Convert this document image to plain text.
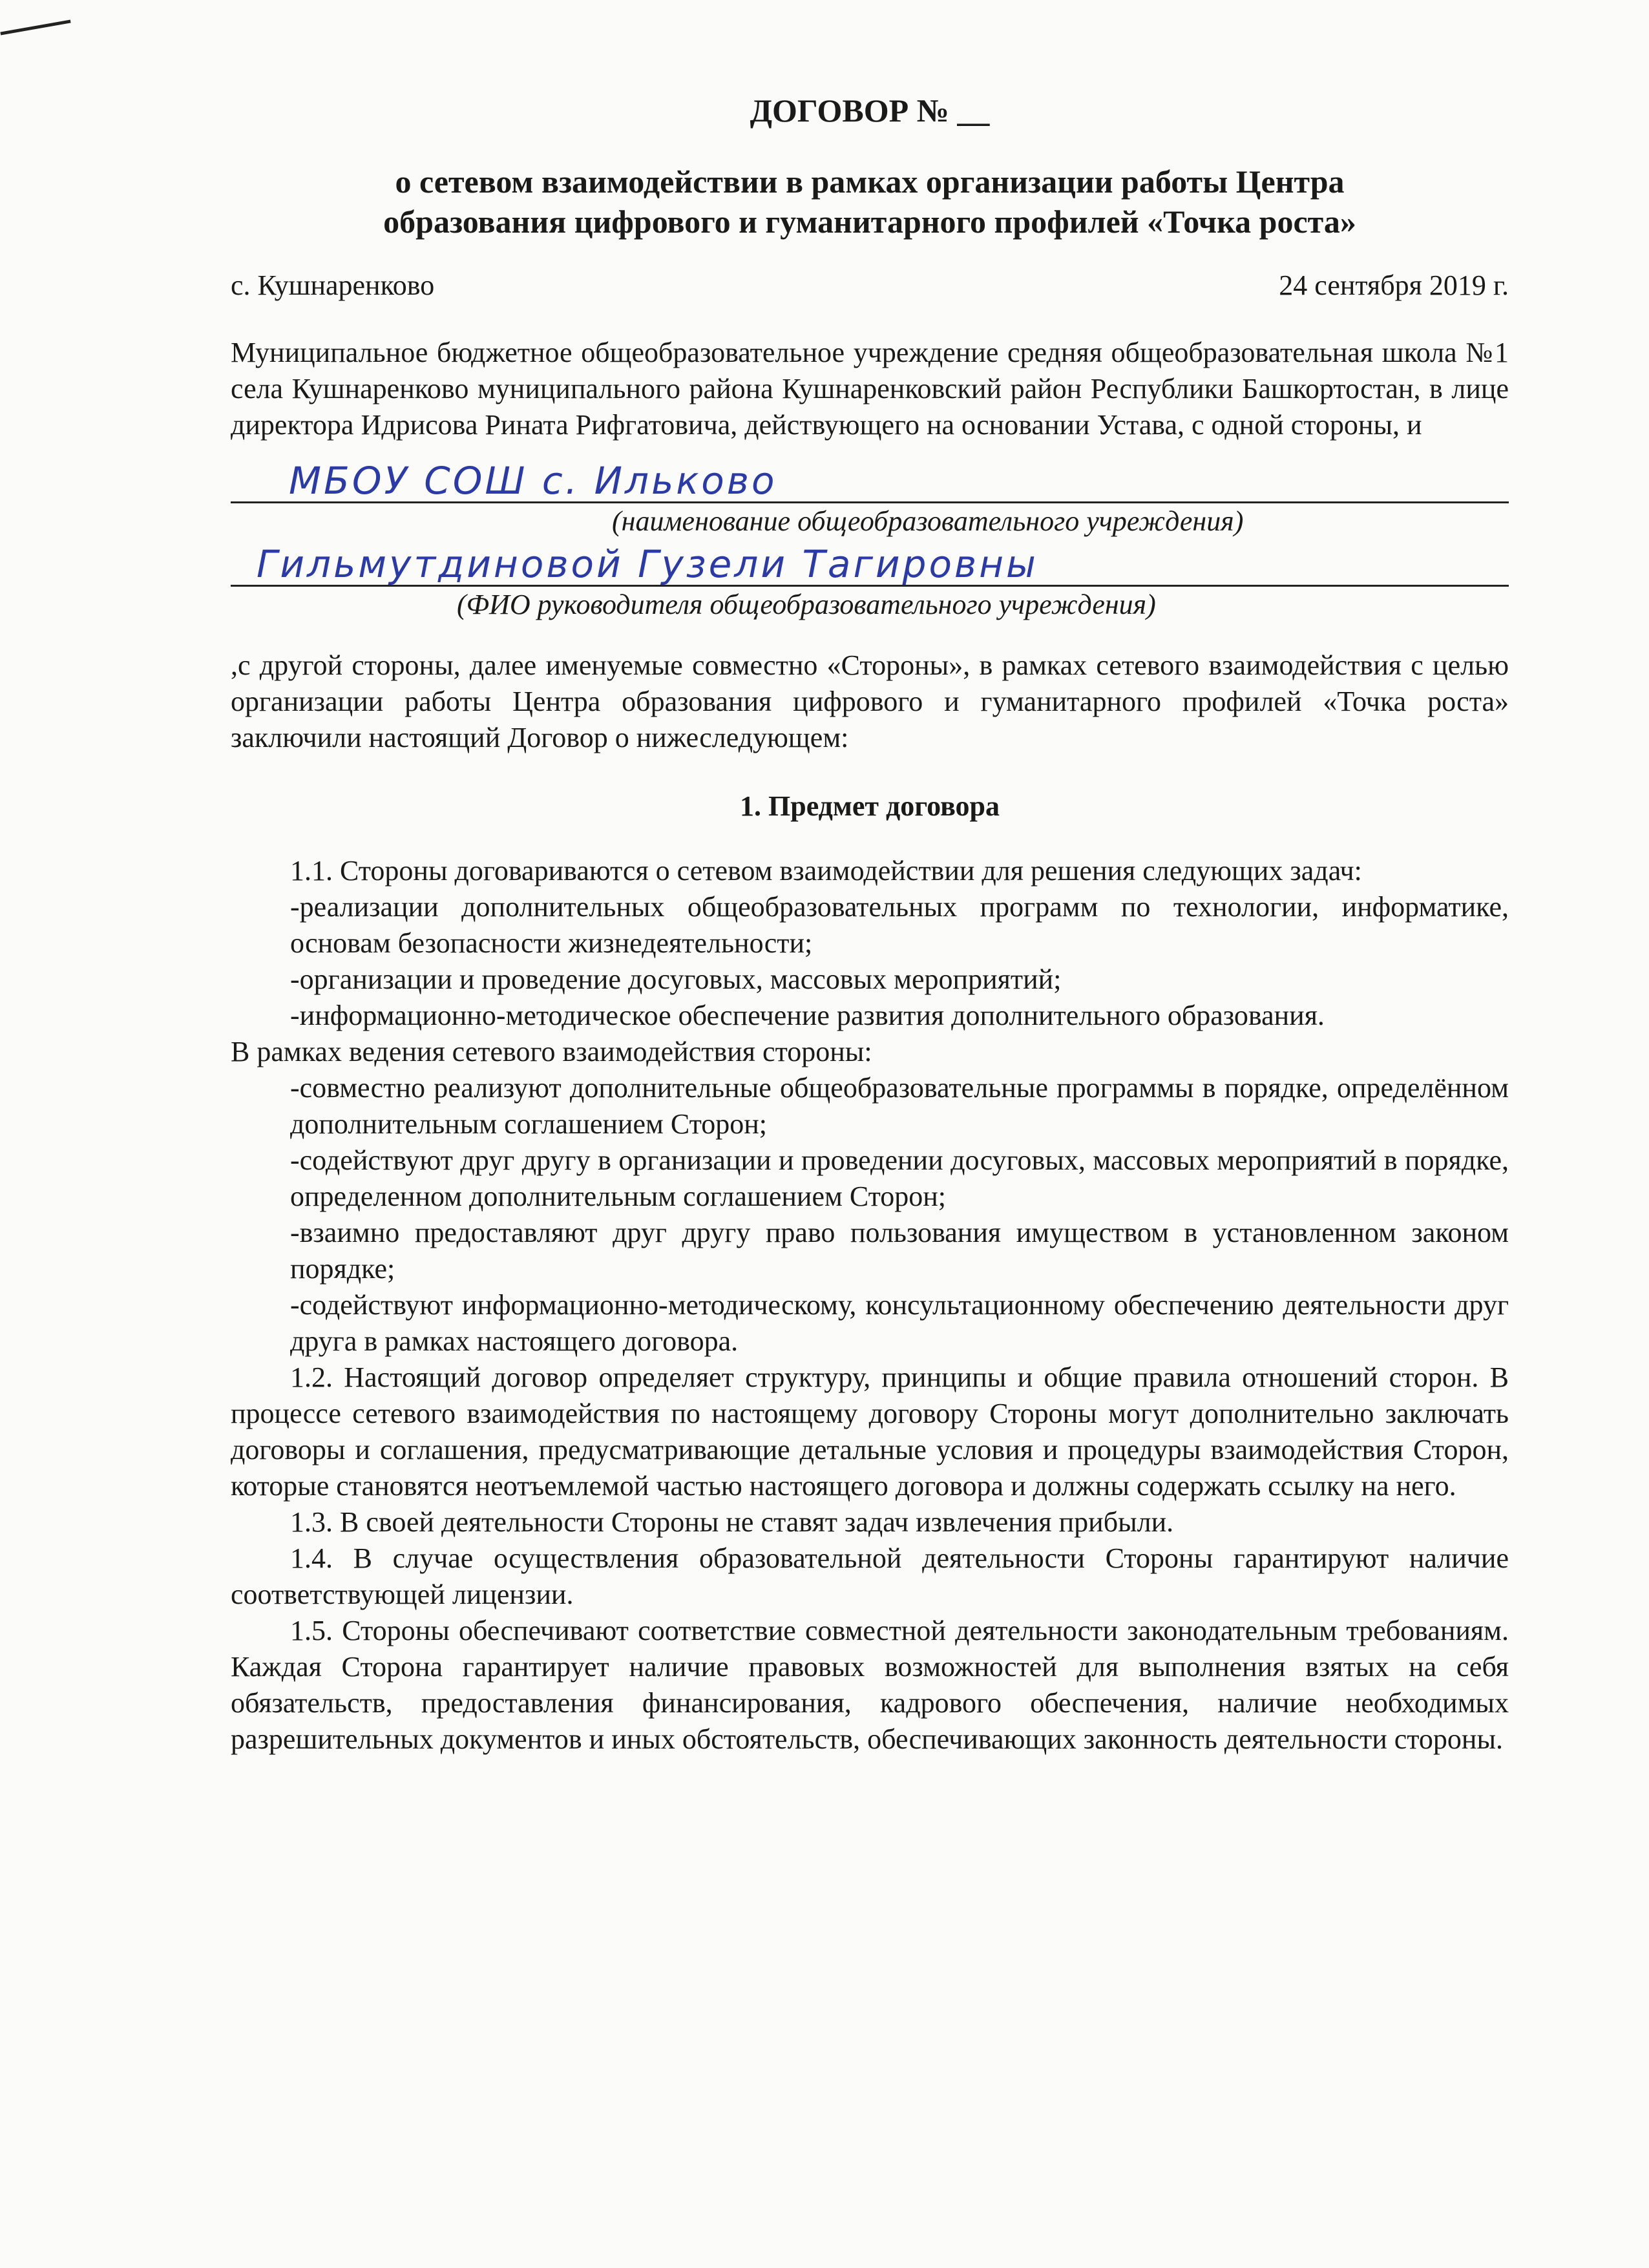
ДОГОВОР № __

о сетевом взаимодействии в рамках организации работы Центра

образования цифрового и гуманитарного профилей «Точка роста»

с. Кушнаренково	24 сентября 2019 г.

Муниципальное бюджетное общеобразовательное учреждение средняя общеобразовательная школа №1 села Кушнаренково муниципального района Кушнаренковский район Республики Башкортостан, в лице директора Идрисова Рината Рифгатовича, действующего на основании Устава, с одной стороны, и

МБОУ СОШ с. Ильково
(наименование общеобразовательного учреждения)
Гильмутдиновой Гузели Тагировны
(ФИО руководителя общеобразовательного учреждения)

,с другой стороны, далее именуемые совместно «Стороны», в рамках сетевого взаимодействия с целью организации работы Центра образования цифрового и гуманитарного профилей «Точка роста» заключили настоящий Договор о нижеследующем:

1. Предмет договора

1.1. Стороны договариваются о сетевом взаимодействии для решения следующих задач:

-реализации дополнительных общеобразовательных программ по технологии, информатике, основам безопасности жизнедеятельности;

-организации и проведение досуговых, массовых мероприятий;

-информационно-методическое обеспечение развития дополнительного образования.

В рамках ведения сетевого взаимодействия стороны:

-совместно реализуют дополнительные общеобразовательные программы в порядке, определённом дополнительным соглашением Сторон;

-содействуют друг другу в организации и проведении досуговых, массовых мероприятий в порядке, определенном дополнительным соглашением Сторон;

-взаимно предоставляют друг другу право пользования имуществом в установленном законом порядке;

-содействуют информационно-методическому, консультационному обеспечению деятельности друг друга в рамках настоящего договора.

1.2. Настоящий договор определяет структуру, принципы и общие правила отношений сторон. В процессе сетевого взаимодействия по настоящему договору Стороны могут дополнительно заключать договоры и соглашения, предусматривающие детальные условия и процедуры взаимодействия Сторон, которые становятся неотъемлемой частью настоящего договора и должны содержать ссылку на него.

1.3. В своей деятельности Стороны не ставят задач извлечения прибыли.

1.4. В случае осуществления образовательной деятельности Стороны гарантируют наличие соответствующей лицензии.

1.5. Стороны обеспечивают соответствие совместной деятельности законодательным требованиям. Каждая Сторона гарантирует наличие правовых возможностей для выполнения взятых на себя обязательств, предоставления финансирования, кадрового обеспечения, наличие необходимых разрешительных документов и иных обстоятельств, обеспечивающих законность деятельности стороны.
